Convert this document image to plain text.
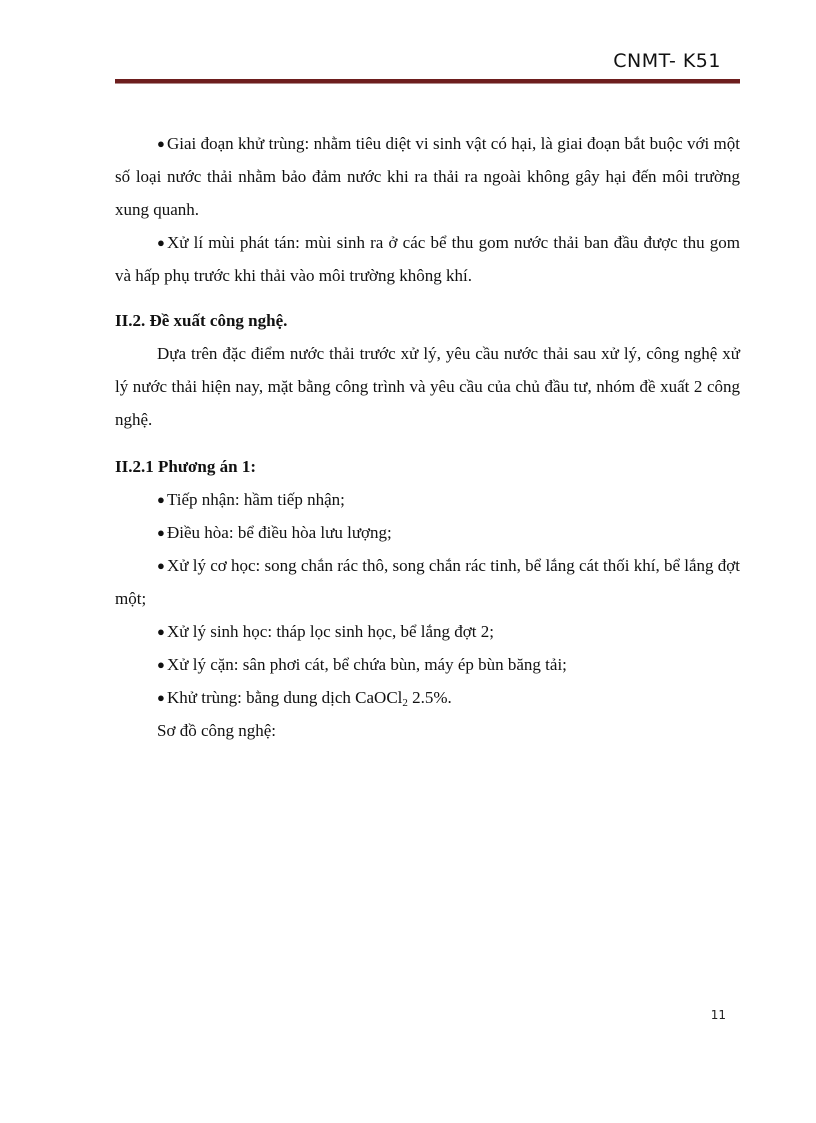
CNMT- K51

● Giai đoạn khử trùng: nhằm tiêu diệt vi sinh vật có hại, là giai đoạn bắt buộc với một số loại nước thải nhằm bảo đảm nước khi ra thải ra ngoài không gây hại đến môi trường xung quanh.

● Xử lí mùi phát tán: mùi sinh ra ở các bể thu gom nước thải ban đầu được thu gom và hấp phụ trước khi thải vào môi trường không khí.

II.2. Đề xuất công nghệ.

Dựa trên đặc điểm nước thải trước xử lý, yêu cầu nước thải sau xử lý, công nghệ xử lý nước thải hiện nay, mặt bằng công trình và yêu cầu của chủ đầu tư, nhóm đề xuất 2 công nghệ.

II.2.1 Phương án 1:

● Tiếp nhận: hầm tiếp nhận;

● Điều hòa: bể điều hòa lưu lượng;

● Xử lý cơ học: song chắn rác thô, song chắn rác tinh, bể lắng cát thối khí, bể lắng đợt một;

● Xử lý sinh học: tháp lọc sinh học, bể lắng đợt 2;

● Xử lý cặn: sân phơi cát, bể chứa bùn, máy ép bùn băng tải;

● Khử trùng: bằng dung dịch CaOCl$_2$ 2.5%.

Sơ đồ công nghệ:

11
